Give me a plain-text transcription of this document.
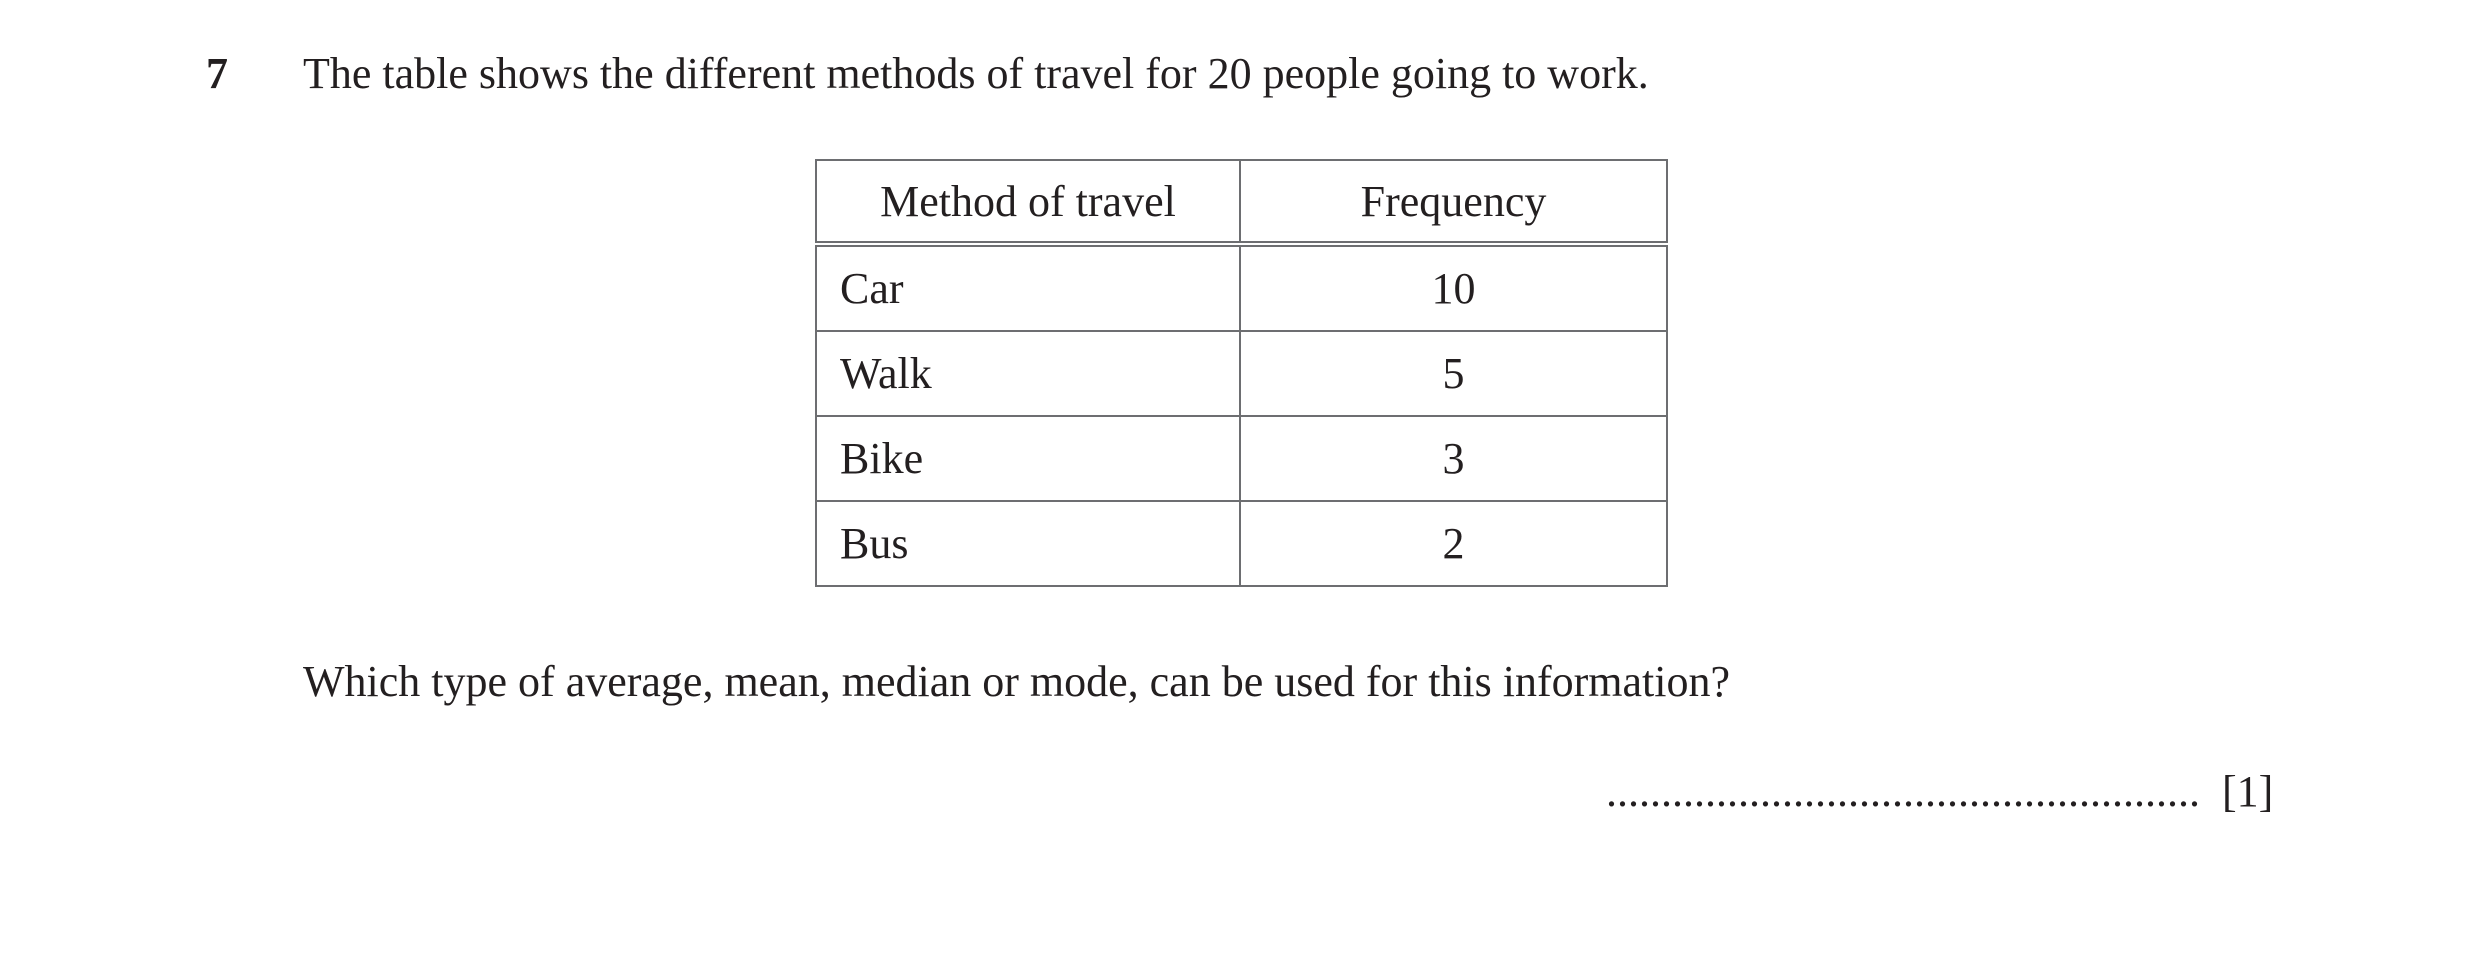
7 The table shows the different methods of travel for 20 people going to work.
Method of travel	Frequency
Car	10
Walk	5
Bike	3
Bus	2
Which type of average, mean, median or mode, can be used for this information?
...................................................... [1]
